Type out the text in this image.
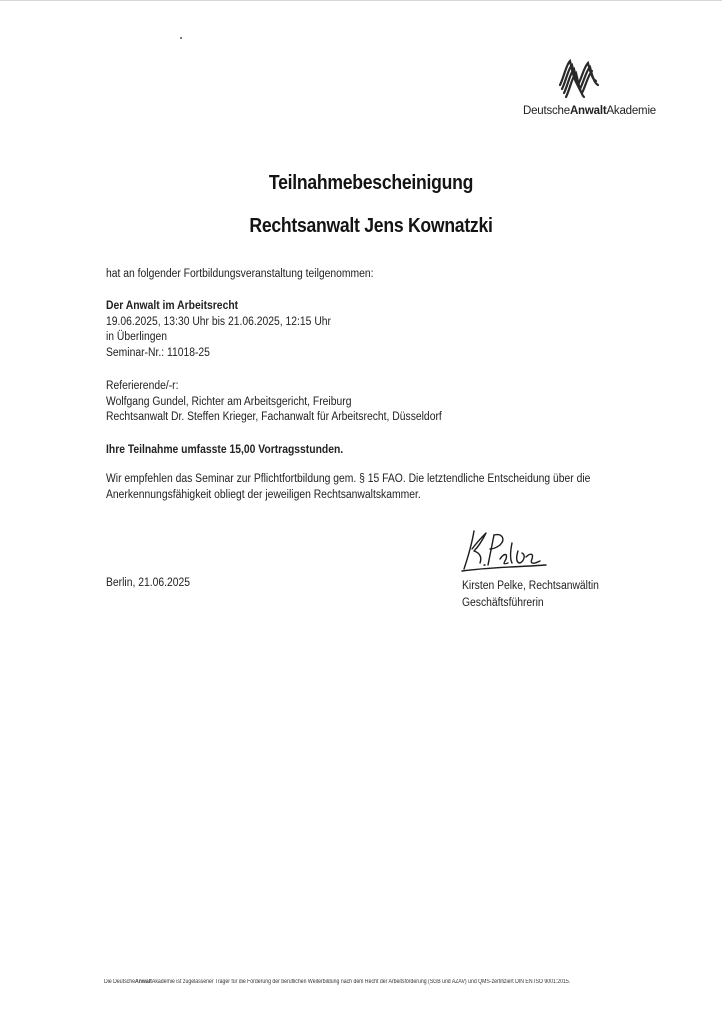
DeutscheAnwaltAkademie
Teilnahmebescheinigung
Rechtsanwalt Jens Kownatzki
hat an folgender Fortbildungsveranstaltung teilgenommen:
Der Anwalt im Arbeitsrecht
19.06.2025, 13:30 Uhr bis 21.06.2025, 12:15 Uhr
in Überlingen
Seminar-Nr.: 11018-25
Referierende/-r:
Wolfgang Gundel, Richter am Arbeitsgericht, Freiburg
Rechtsanwalt Dr. Steffen Krieger, Fachanwalt für Arbeitsrecht, Düsseldorf
Ihre Teilnahme umfasste 15,00 Vortragsstunden.
Wir empfehlen das Seminar zur Pflichtfortbildung gem. § 15 FAO. Die letztendliche Entscheidung über die
Anerkennungsfähigkeit obliegt der jeweiligen Rechtsanwaltskammer.
Berlin, 21.06.2025	Kirsten Pelke, Rechtsanwältin
Geschäftsführerin
Die DeutscheAnwaltAkademie ist zugelassener Träger für die Förderung der beruflichen Weiterbildung nach dem Recht der Arbeitsförderung (SGB und AZAV) und QMS-zertifiziert DIN EN ISO 9001:2015.
